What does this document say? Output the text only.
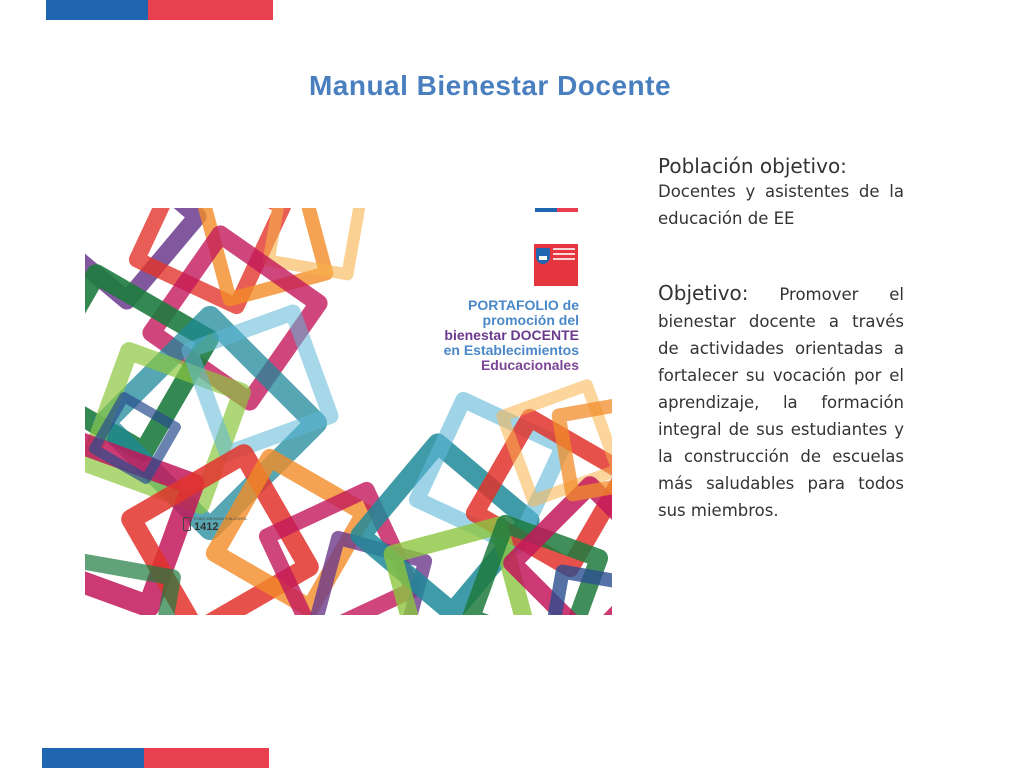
Manual Bienestar Docente
PORTAFOLIO de
promoción del
bienestar DOCENTE
en Establecimientos
Educacionales
FONO DROGAS Y ALCOHOL
1412

Población objetivo:

Docentes y asistentes de la educación de EE

Objetivo: Promover el bienestar docente a través de actividades orientadas a fortalecer su vocación por el aprendizaje, la formación integral de sus estudiantes y la construcción de escuelas más saludables para todos sus miembros.
